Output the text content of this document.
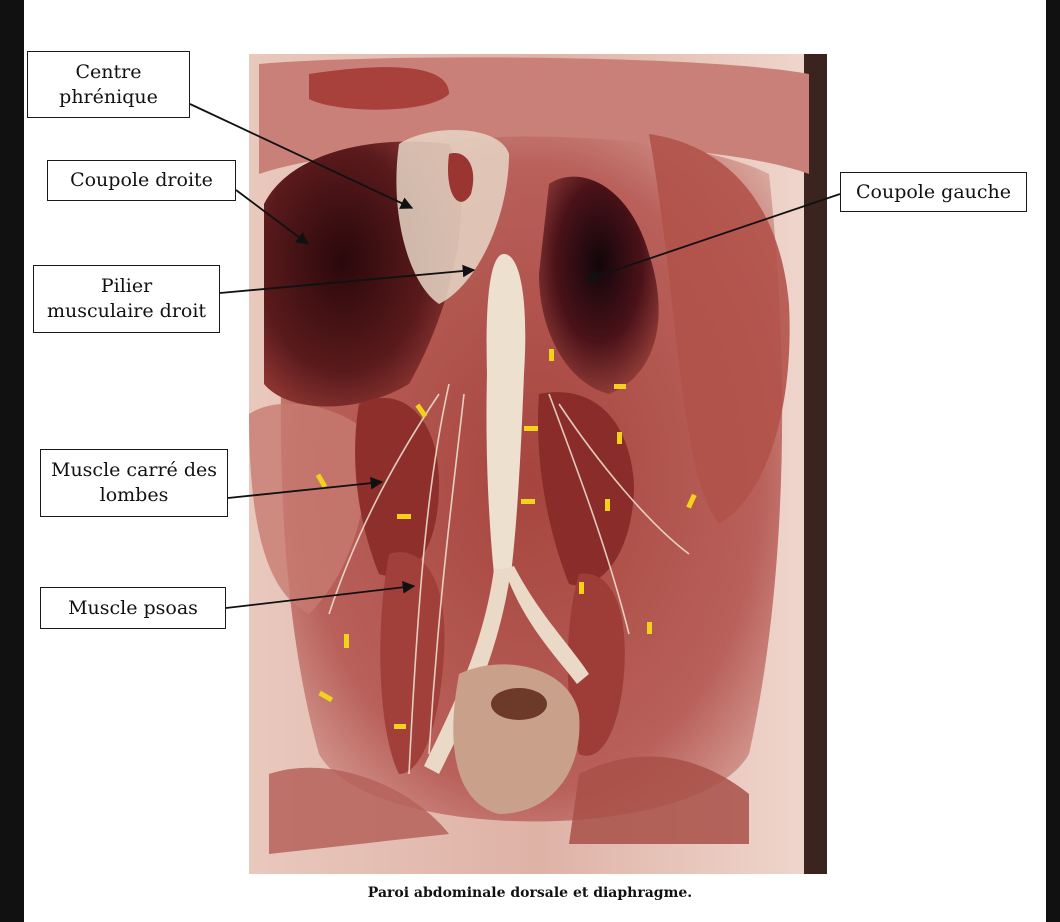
Centre
phrénique
Coupole droite
Pilier
musculaire droit
Muscle carré des
lombes
Muscle psoas
Coupole gauche
Paroi abdominale dorsale et diaphragme.
